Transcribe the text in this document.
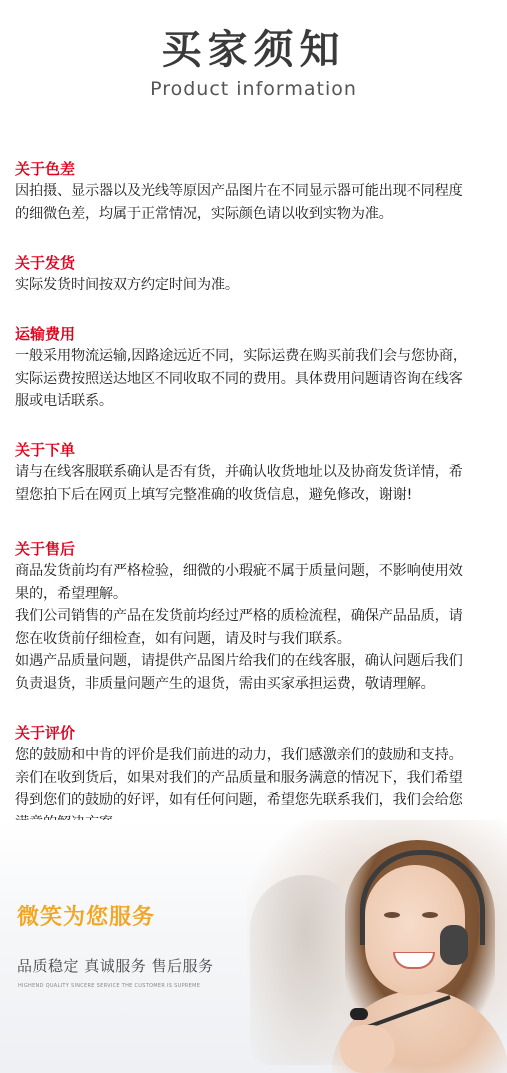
买家须知
Product information

关于色差

因拍摄、显示器以及光线等原因产品图片在不同显示器可能出现不同程度

的细微色差，均属于正常情况，实际颜色请以收到实物为准。

关于发货

实际发货时间按双方约定时间为准。

运输费用

一般采用物流运输,因路途远近不同，实际运费在购买前我们会与您协商，

实际运费按照送达地区不同收取不同的费用。具体费用问题请咨询在线客

服或电话联系。

关于下单

请与在线客服联系确认是否有货，并确认收货地址以及协商发货详情，希

望您拍下后在网页上填写完整准确的收货信息，避免修改，谢谢!

关于售后

商品发货前均有严格检验，细微的小瑕疵不属于质量问题，不影响使用效

果的，希望理解。

我们公司销售的产品在发货前均经过严格的质检流程，确保产品品质，请

您在收货前仔细检查，如有问题，请及时与我们联系。

如遇产品质量问题，请提供产品图片给我们的在线客服，确认问题后我们

负责退货，非质量问题产生的退货，需由买家承担运费，敬请理解。

关于评价

您的鼓励和中肯的评价是我们前进的动力，我们感激亲们的鼓励和支持。

亲们在收到货后，如果对我们的产品质量和服务满意的情况下，我们希望

得到您们的鼓励的好评，如有任何问题，希望您先联系我们，我们会给您

微笑为您服务

品质稳定 真诚服务 售后服务

HIGHEND QUALITY SINCERE SERVICE THE CUSTOMER IS SUPREME
